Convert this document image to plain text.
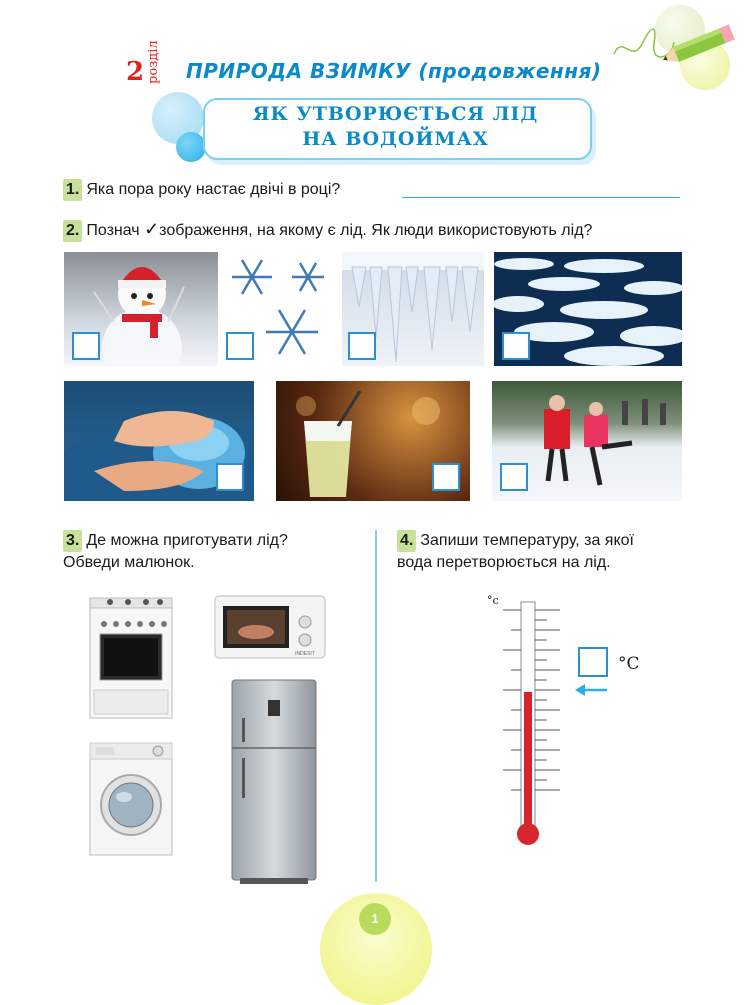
2 розділ ПРИРОДА ВЗИМКУ (продовження)
ЯК УТВОРЮЄТЬСЯ ЛІД
НА ВОДОЙМАХ
1. Яка пора року настає двічі в році?
2. Познач ✓зображення, на якому є лід. Як люди використовують лід?
3. Де можна приготувати лід?
Обведи малюнок.
INDESIT
4. Запиши температуру, за якої
вода перетворюється на лід.
°c
°C
1
